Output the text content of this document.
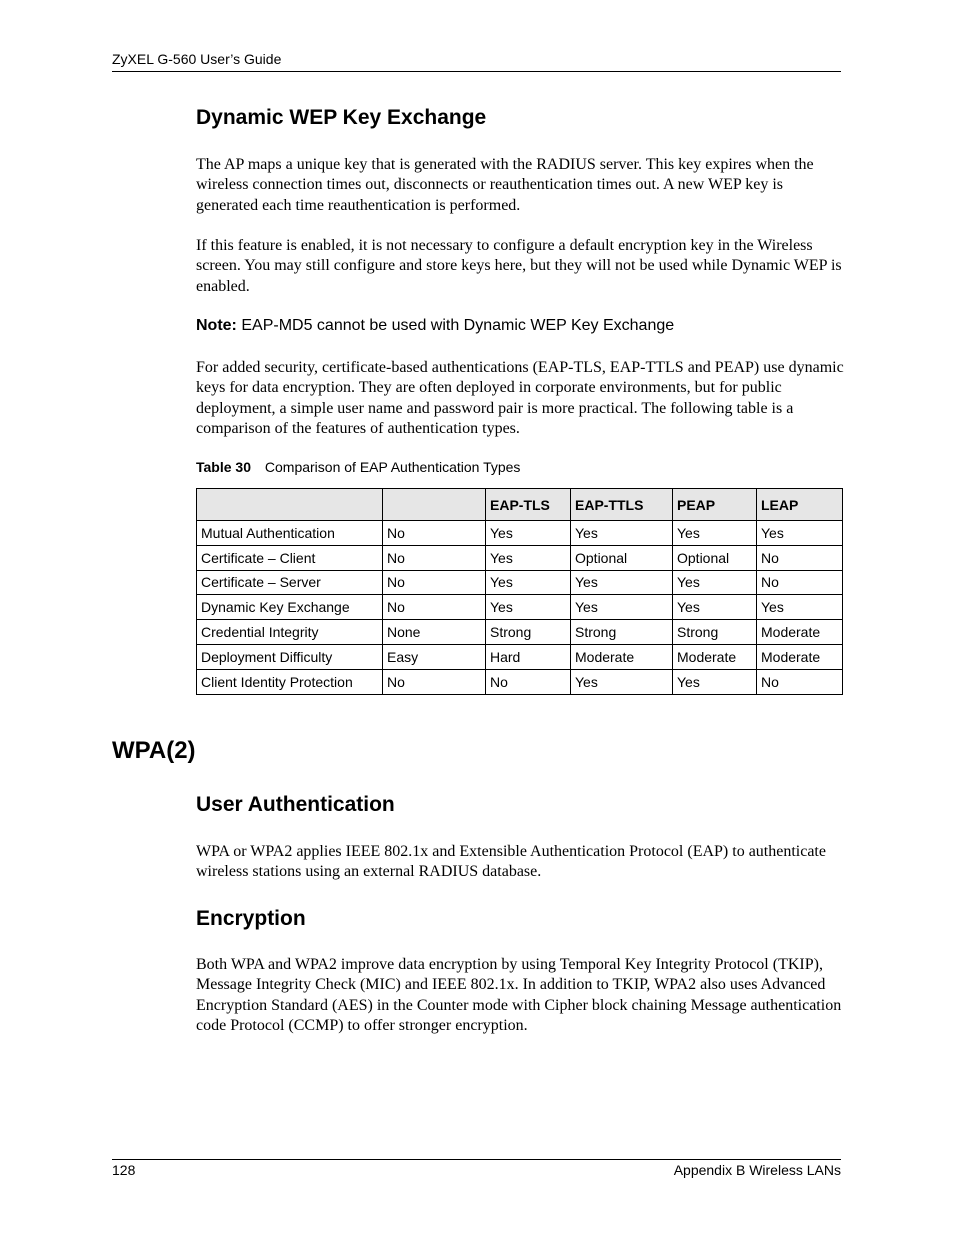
ZyXEL G-560 User’s Guide
Dynamic WEP Key Exchange

The AP maps a unique key that is generated with the RADIUS server. This key expires when the wireless connection times out, disconnects or reauthentication times out. A new WEP key is generated each time reauthentication is performed.

If this feature is enabled, it is not necessary to configure a default encryption key in the Wireless screen. You may still configure and store keys here, but they will not be used while Dynamic WEP is enabled.

Note: EAP-MD5 cannot be used with Dynamic WEP Key Exchange

For added security, certificate-based authentications (EAP-TLS, EAP-TTLS and PEAP) use dynamic keys for data encryption. They are often deployed in corporate environments, but for public deployment, a simple user name and password pair is more practical. The following table is a comparison of the features of authentication types.

Table 30 Comparison of EAP Authentication Types
		EAP-TLS	EAP-TTLS	PEAP	LEAP
Mutual Authentication	No	Yes	Yes	Yes	Yes
Certificate – Client	No	Yes	Optional	Optional	No
Certificate – Server	No	Yes	Yes	Yes	No
Dynamic Key Exchange	No	Yes	Yes	Yes	Yes
Credential Integrity	None	Strong	Strong	Strong	Moderate
Deployment Difficulty	Easy	Hard	Moderate	Moderate	Moderate
Client Identity Protection	No	No	Yes	Yes	No
WPA(2)
User Authentication

WPA or WPA2 applies IEEE 802.1x and Extensible Authentication Protocol (EAP) to authenticate wireless stations using an external RADIUS database.

Encryption

Both WPA and WPA2 improve data encryption by using Temporal Key Integrity Protocol (TKIP), Message Integrity Check (MIC) and IEEE 802.1x. In addition to TKIP, WPA2 also uses Advanced Encryption Standard (AES) in the Counter mode with Cipher block chaining Message authentication code Protocol (CCMP) to offer stronger encryption.

128	Appendix B Wireless LANs
